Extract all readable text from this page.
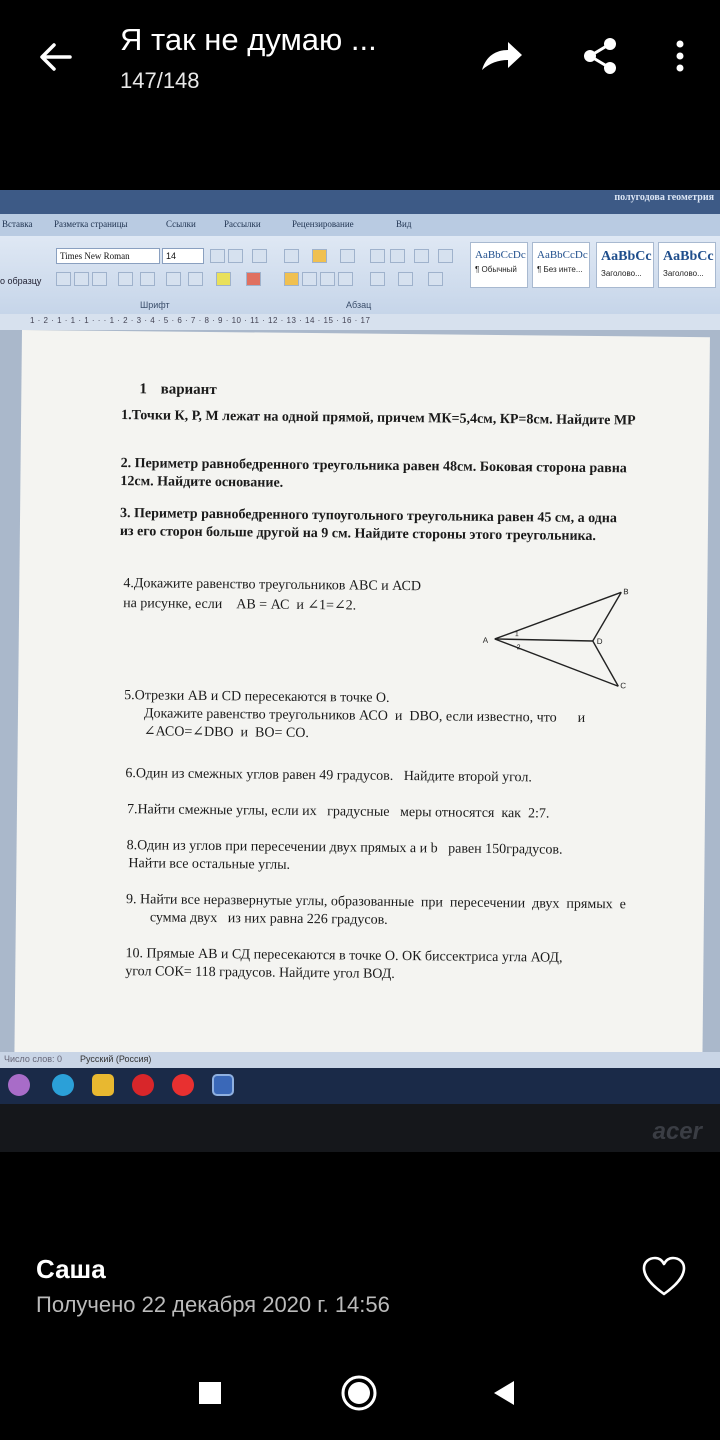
Я так не думаю ...
147/148
полугодова геометрия
Вставка Разметка страницы	Ссылки	Рассылки	Рецензирование	Вид
о образцу
Times New Roman	14
Шрифт	Абзац
AaBbCcDc
¶ Обычный
AaBbCcDc
¶ Без инте...
AaBbCc
Заголово...
AaBbCc
Заголово...
1 · 2 · 1 · 1 · 1 · · · 1 · 2 · 3 · 4 · 5 · 6 · 7 · 8 · 9 · 10 · 11 · 12 · 13 · 14 · 15 · 16 · 17
1 вариант
1.Точки К, Р, М лежат на одной прямой, причем МК=5,4см, КР=8см. Найдите МР
2. Периметр равнобедренного треугольника равен 48см. Боковая сторона равна 12см. Найдите основание.
3. Периметр равнобедренного тупоугольного треугольника равен 45 см, а одна из его сторон больше другой на 9 см. Найдите стороны этого треугольника.
4.Докажите равенство треугольников АВС и АСD
на рисунке, если    АВ = АС  и ∠1=∠2.
A
B
C
D
1
2
5.Отрезки АВ и СD пересекаются в точке О.
Докажите равенство треугольников АСО  и  DВО, если известно, что      и
∠АСО=∠DВО  и  ВО= СО.
6.Один из смежных углов равен 49 градусов.   Найдите второй угол.
7.Найти смежные углы, если их   градусные   меры относятся  как  2:7.
8.Один из углов при пересечении двух прямых а и b   равен 150градусов.
Найти все остальные углы.
9. Найти все неразвернутые углы, образованные  при  пересечении  двух  прямых  е
сумма двух   из них равна 226 градусов.
10. Прямые АВ и СД пересекаются в точке О. ОК биссектриса угла АОД,
угол СОК= 118 градусов. Найдите угол ВОД.
Число слов: 0 Русский (Россия)
acer
Саша
Получено 22 декабря 2020 г. 14:56
